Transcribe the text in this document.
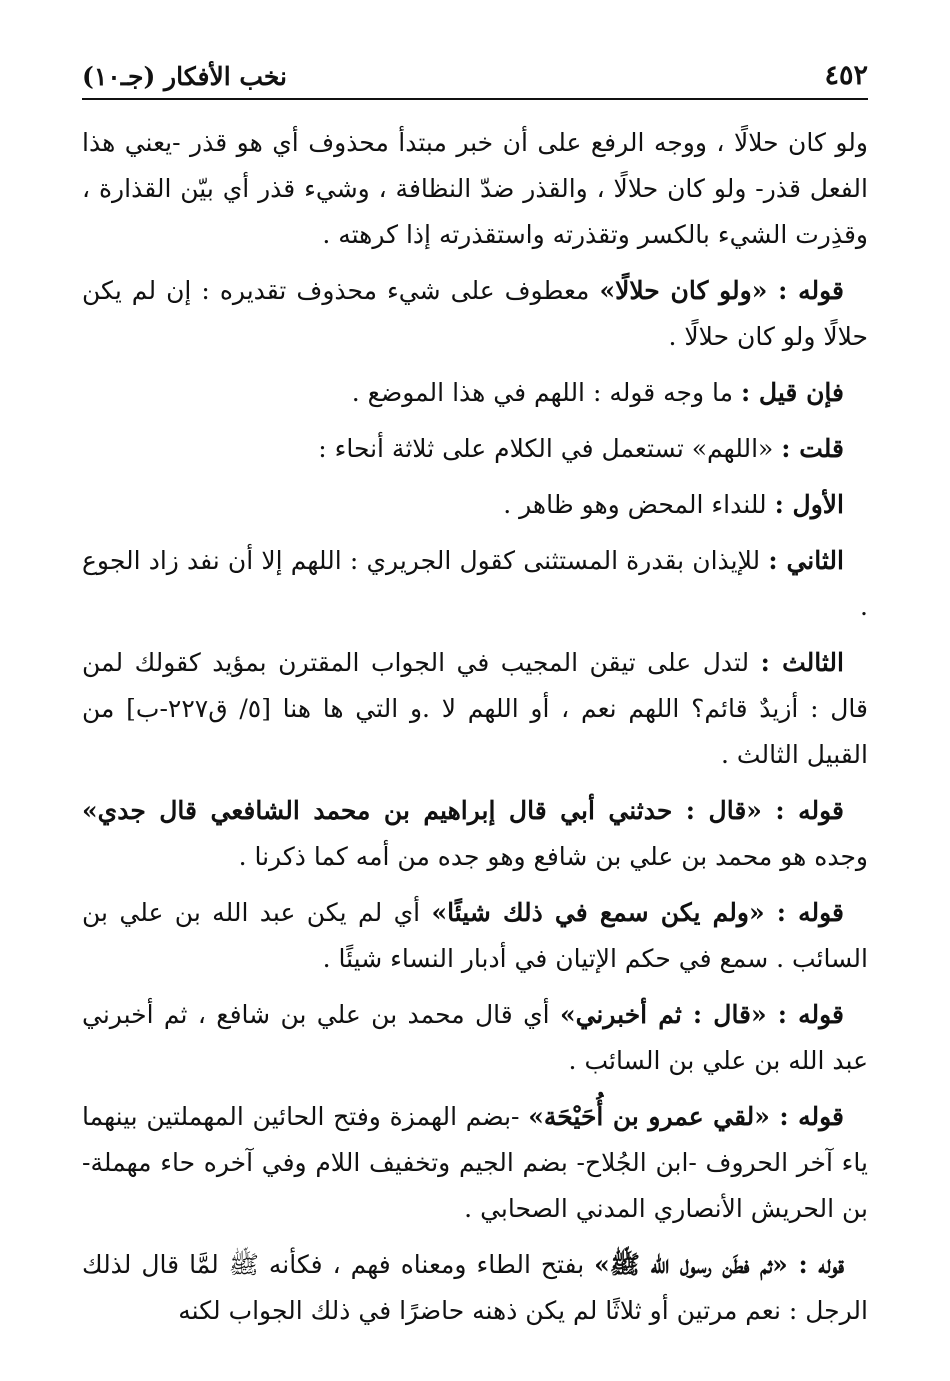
٤٥٢
نخب الأفكار (جـ١٠)

ولو كان حلالًا ، ووجه الرفع على أن خبر مبتدأ محذوف أي هو قذر -يعني هذا الفعل قذر- ولو كان حلالًا ، والقذر ضدّ النظافة ، وشيء قذر أي بيّن القذارة ، وقذِرت الشيء بالكسر وتقذرته واستقذرته إذا كرهته .

قوله : «ولو كان حلالًا» معطوف على شيء محذوف تقديره : إن لم يكن حلالًا ولو كان حلالًا .

فإن قيل : ما وجه قوله : اللهم في هذا الموضع .

قلت : «اللهم» تستعمل في الكلام على ثلاثة أنحاء :

الأول : للنداء المحض وهو ظاهر .

الثاني : للإيذان بقدرة المستثنى كقول الجريري : اللهم إلا أن نفد زاد الجوع .

الثالث : لتدل على تيقن المجيب في الجواب المقترن بمؤيد كقولك لمن قال : أزيدٌ قائم؟ اللهم نعم ، أو اللهم لا .و التي ها هنا [٥/ ق٢٢٧-ب] من القبيل الثالث .

قوله : «قال : حدثني أبي قال إبراهيم بن محمد الشافعي قال جدي» وجده هو محمد بن علي بن شافع وهو جده من أمه كما ذكرنا .

قوله : «ولم يكن سمع في ذلك شيئًا» أي لم يكن عبد الله بن علي بن السائب . سمع في حكم الإتيان في أدبار النساء شيئًا .

قوله : «قال : ثم أخبرني» أي قال محمد بن علي بن شافع ، ثم أخبرني عبد الله بن علي بن السائب .

قوله : «لقي عمرو بن أُحَيْحَة» -بضم الهمزة وفتح الحائين المهملتين بينهما ياء آخر الحروف -ابن الجُلاح- بضم الجيم وتخفيف اللام وفي آخره حاء مهملة- بن الحريش الأنصاري المدني الصحابي .

قوله : «ثم فطَن رسول الله ﷺ» بفتح الطاء ومعناه فهم ، فكأنه ﷺ لمَّا قال لذلك الرجل : نعم مرتين أو ثلاثًا لم يكن ذهنه حاضرًا في ذلك الجواب لكنه
